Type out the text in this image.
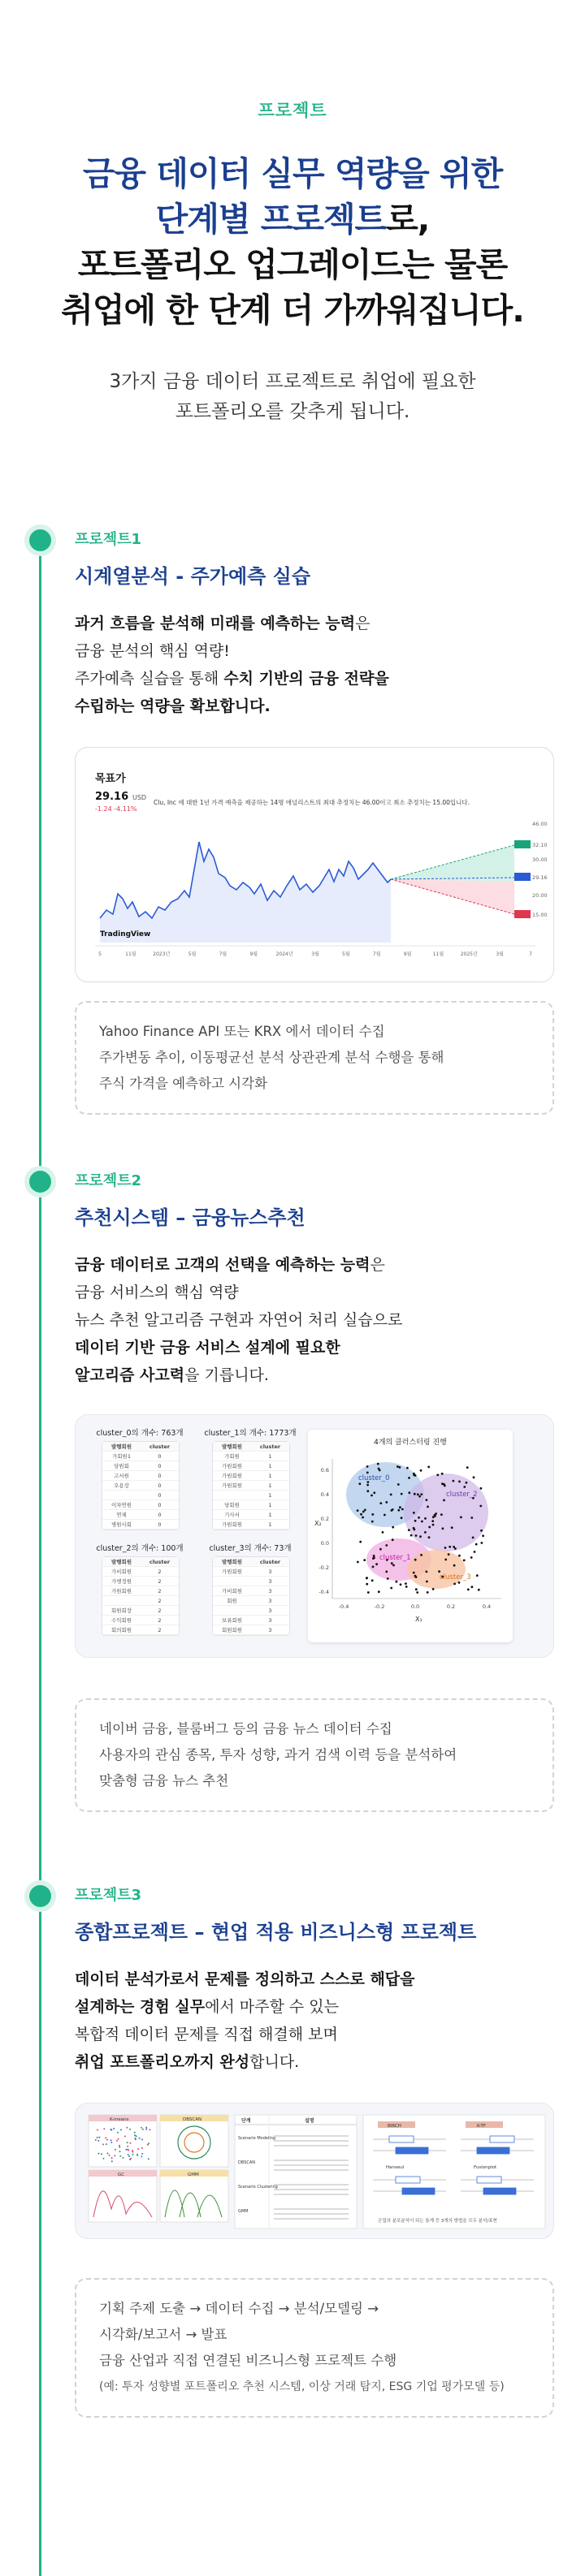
프로젝트
금융 데이터 실무 역량을 위한
단계별 프로젝트로,
포트폴리오 업그레이드는 물론
취업에 한 단계 더 가까워집니다.
3가지 금융 데이터 프로젝트로 취업에 필요한
포트폴리오를 갖추게 됩니다.
프로젝트1
시계열분석 - 주가예측 실습
과거 흐름을 분석해 미래를 예측하는 능력은
금융 분석의 핵심 역량!
주가예측 실습을 통해 수치 기반의 금융 전략을
수립하는 역량을 확보합니다.
목표가
29.16 USD
-1.24 -4.11%
Clu, Inc 에 대한 1년 가격 예측을 제공하는 14명 애널리스트의 최대 추정치는 46.00이고 최소 추정치는 15.00입니다.
46.00
32.10
30.00
29.16
20.00
15.00
TradingView
5	11월	2023년	5월	7월	9월	2024년	3월	5월	7월	9월	11월	2025년	3월	7
Yahoo Finance API 또는 KRX 에서 데이터 수집
주가변동 추이, 이동평균선 분석 상관관계 분석 수행을 통해
주식 가격을 예측하고 시각화
프로젝트2
추천시스템 – 금융뉴스추천
금융 데이터로 고객의 선택을 예측하는 능력은
금융 서비스의 핵심 역량
뉴스 추천 알고리즘 구현과 자연어 처리 실습으로
데이터 기반 금융 서비스 설계에 필요한
알고리즘 사고력을 기릅니다.
cluster_0의 개수: 763개
발행회원	cluster
가회원1	0
당원회	0
고서원	0
오용장	0
0
이차연원	0
연체	0
병원사회	0
cluster_1의 개수: 1773개
발행회원	cluster
가회원	1
가원회원	1
가원회원	1
가원회원	1
1
당회원	1
기사서	1
가원회원	1
cluster_2의 개수: 100개
발행회원	cluster
가비회원	2
가행정원	2
가원회원	2
2
회원회장	2
수익회원	2
회의회원	2
cluster_3의 개수: 73개
발행회원	cluster
가원회원	3
3
가비회원	3
회원	3
3
보류회원	3
회원회원	3
4개의 클러스터링 진행
cluster_0
cluster_2
cluster_1
cluster_3
-0.4	-0.2	0.0	0.2	0.4
0.6
0.4
0.2
0.0
-0.2
-0.4
X₁
X₂
네이버 금융, 블룸버그 등의 금융 뉴스 데이터 수집
사용자의 관심 종목, 투자 성향, 과거 검색 이력 등을 분석하여
맞춤형 금융 뉴스 추천
프로젝트3
종합프로젝트 – 현업 적용 비즈니스형 프로젝트
데이터 분석가로서 문제를 정의하고 스스로 해답을
설계하는 경험 실무에서 마주할 수 있는
복합적 데이터 문제를 직접 해결해 보며
취업 포트폴리오까지 완성합니다.
K-means	DBSCAN
GC	GMM
단계	설명
Scenario Modeling
DBSCAN
Scenario Clustering
GMM
BIRCH	K-TF
Hanseul	Fusionplot
군집의 분포분석이 되는 통계 등 3개의 방법을 모두 분석/표현
기획 주제 도출 → 데이터 수집 → 분석/모델링 →
시각화/보고서 → 발표
금융 산업과 직접 연결된 비즈니스형 프로젝트 수행
(예: 투자 성향별 포트폴리오 추천 시스템, 이상 거래 탐지, ESG 기업 평가모델 등)
